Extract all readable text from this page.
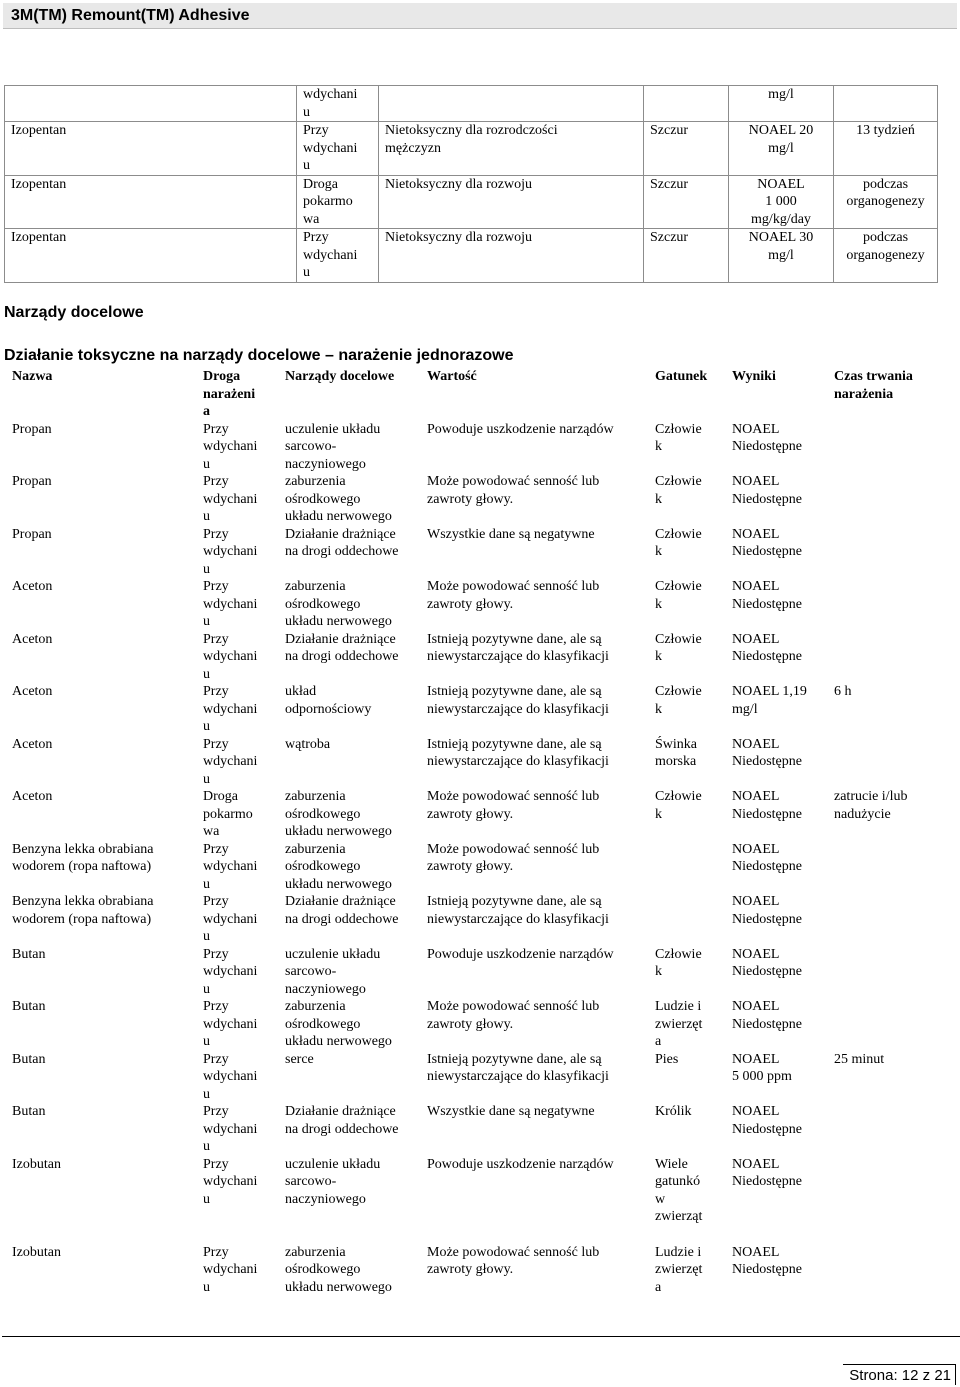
3M(TM) Remount(TM) Adhesive
	wdychani
u			mg/l	
Izopentan	Przy
wdychani
u	Nietoksyczny dla rozrodczości
mężczyzn	Szczur	NOAEL 20
mg/l	13 tydzień
Izopentan	Droga
pokarmo
wa	Nietoksyczny dla rozwoju	Szczur	NOAEL
1 000
mg/kg/day	podczas
organogenezy
Izopentan	Przy
wdychani
u	Nietoksyczny dla rozwoju	Szczur	NOAEL 30
mg/l	podczas
organogenezy
Narządy docelowe
Działanie toksyczne na narządy docelowe – narażenie jednorazowe
Nazwa	Droga
narażeni
a	Narządy docelowe	Wartość	Gatunek	Wyniki	Czas trwania
narażenia
Propan	Przy
wdychani
u	uczulenie układu
sarcowo-
naczyniowego	Powoduje uszkodzenie narządów	Człowie
k	NOAEL
Niedostępne	
Propan	Przy
wdychani
u	zaburzenia
ośrodkowego
układu nerwowego	Może powodować senność lub
zawroty głowy.	Człowie
k	NOAEL
Niedostępne	
Propan	Przy
wdychani
u	Działanie drażniące
na drogi oddechowe	Wszystkie dane są negatywne	Człowie
k	NOAEL
Niedostępne	
Aceton	Przy
wdychani
u	zaburzenia
ośrodkowego
układu nerwowego	Może powodować senność lub
zawroty głowy.	Człowie
k	NOAEL
Niedostępne	
Aceton	Przy
wdychani
u	Działanie drażniące
na drogi oddechowe	Istnieją pozytywne dane, ale są
niewystarczające do klasyfikacji	Człowie
k	NOAEL
Niedostępne	
Aceton	Przy
wdychani
u	układ
odpornościowy	Istnieją pozytywne dane, ale są
niewystarczające do klasyfikacji	Człowie
k	NOAEL 1,19
mg/l	6 h
Aceton	Przy
wdychani
u	wątroba	Istnieją pozytywne dane, ale są
niewystarczające do klasyfikacji	Świnka
morska	NOAEL
Niedostępne	
Aceton	Droga
pokarmo
wa	zaburzenia
ośrodkowego
układu nerwowego	Może powodować senność lub
zawroty głowy.	Człowie
k	NOAEL
Niedostępne	zatrucie i/lub
nadużycie
Benzyna lekka obrabiana
wodorem (ropa naftowa)	Przy
wdychani
u	zaburzenia
ośrodkowego
układu nerwowego	Może powodować senność lub
zawroty głowy.		NOAEL
Niedostępne	
Benzyna lekka obrabiana
wodorem (ropa naftowa)	Przy
wdychani
u	Działanie drażniące
na drogi oddechowe	Istnieją pozytywne dane, ale są
niewystarczające do klasyfikacji		NOAEL
Niedostępne	
Butan	Przy
wdychani
u	uczulenie układu
sarcowo-
naczyniowego	Powoduje uszkodzenie narządów	Człowie
k	NOAEL
Niedostępne	
Butan	Przy
wdychani
u	zaburzenia
ośrodkowego
układu nerwowego	Może powodować senność lub
zawroty głowy.	Ludzie i
zwierzęt
a	NOAEL
Niedostępne	
Butan	Przy
wdychani
u	serce	Istnieją pozytywne dane, ale są
niewystarczające do klasyfikacji	Pies	NOAEL
5 000 ppm	25 minut
Butan	Przy
wdychani
u	Działanie drażniące
na drogi oddechowe	Wszystkie dane są negatywne	Królik	NOAEL
Niedostępne	
Izobutan	Przy
wdychani
u	uczulenie układu
sarcowo-
naczyniowego	Powoduje uszkodzenie narządów	Wiele
gatunkó
w
zwierząt	NOAEL
Niedostępne	
Izobutan	Przy
wdychani
u	zaburzenia
ośrodkowego
układu nerwowego	Może powodować senność lub
zawroty głowy.	Ludzie i
zwierzęt
a	NOAEL
Niedostępne	
Strona: 12 z 21
